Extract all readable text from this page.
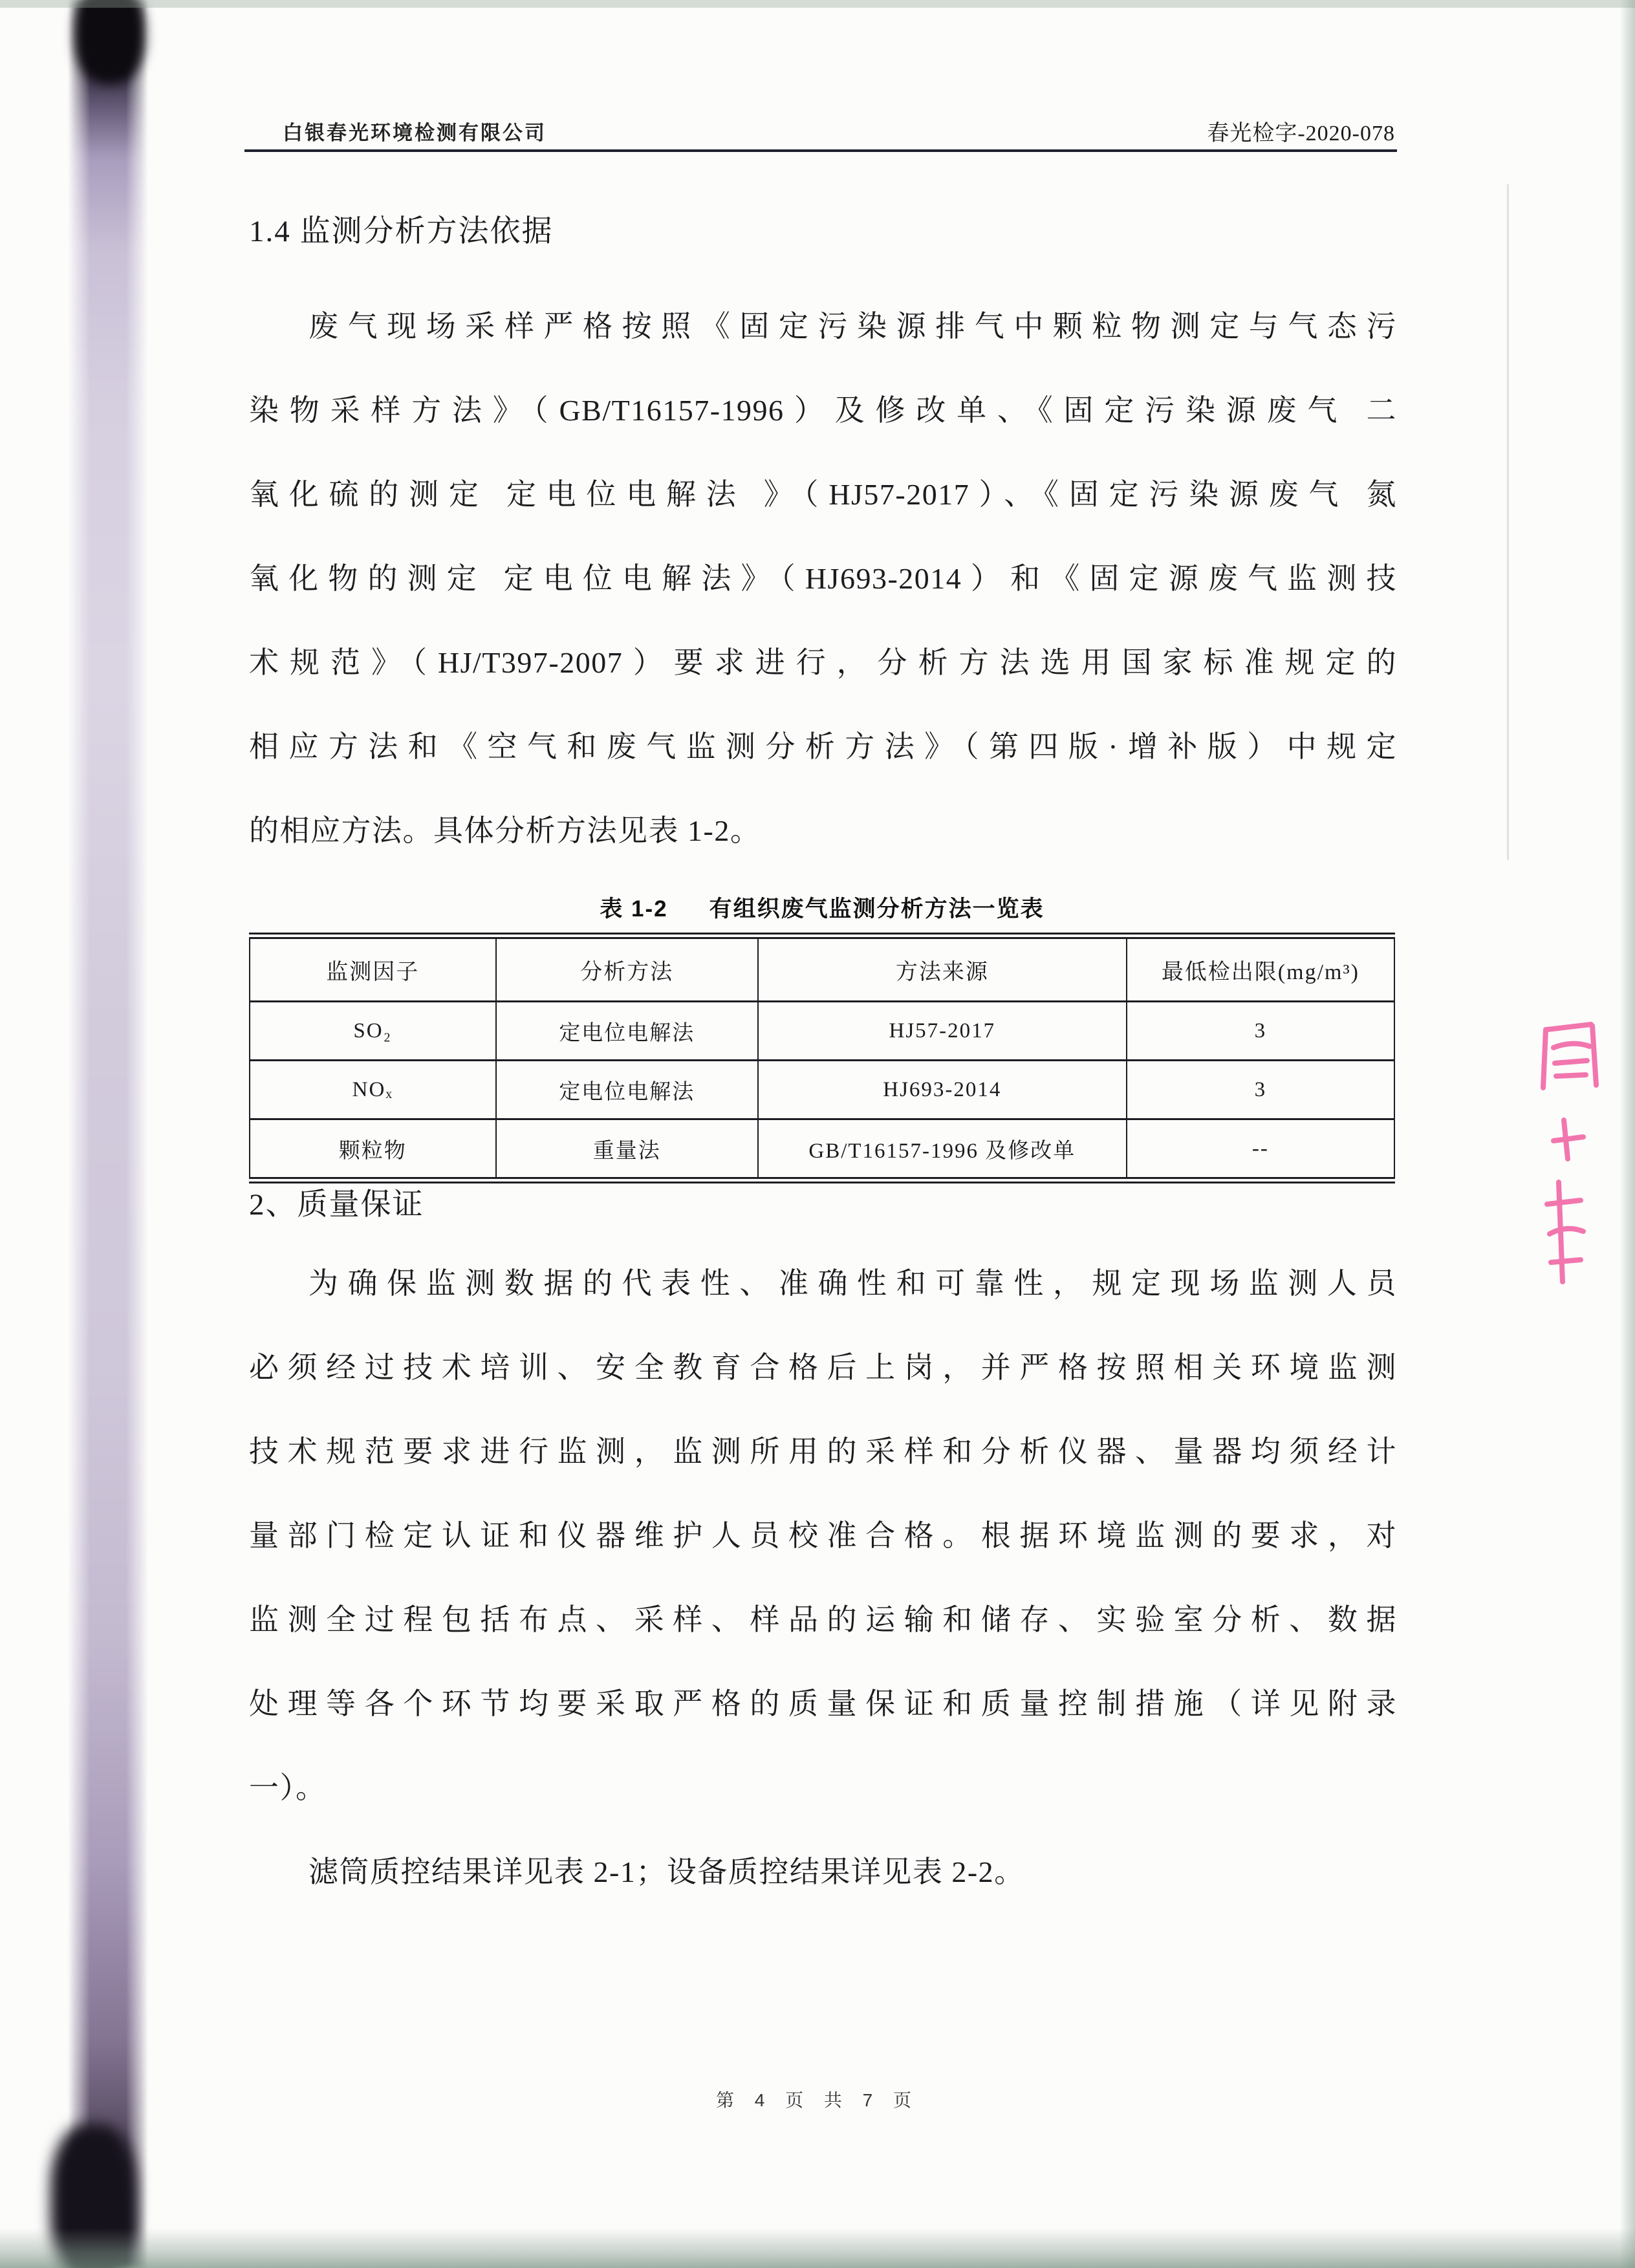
白银春光环境检测有限公司	春光检字-2020-078
1.4 监测分析方法依据
废气现场采样严格按照《固定污染源排气中颗粒物测定与气态污
染物采样方法》（GB/T16157-1996）及修改单、《固定污染源废气 二
氧化硫的测定 定电位电解法 》（HJ57-2017）、《固定污染源废气 氮
氧化物的测定 定电位电解法》（HJ693-2014）和《固定源废气监测技
术规范》（HJ/T397-2007）要求进行，分析方法选用国家标准规定的
相应方法和《空气和废气监测分析方法》（第四版·增补版）中规定
的相应方法。具体分析方法见表 1-2。
表 1-2 有组织废气监测分析方法一览表
监测因子	分析方法	方法来源	最低检出限(mg/m³)
SO₂	定电位电解法	HJ57-2017	3
NOₓ	定电位电解法	HJ693-2014	3
颗粒物	重量法	GB/T16157-1996 及修改单	--
2、质量保证
为确保监测数据的代表性、准确性和可靠性，规定现场监测人员
必须经过技术培训、安全教育合格后上岗，并严格按照相关环境监测
技术规范要求进行监测，监测所用的采样和分析仪器、量器均须经计
量部门检定认证和仪器维护人员校准合格。根据环境监测的要求，对
监测全过程包括布点、采样、样品的运输和储存、实验室分析、数据
处理等各个环节均要采取严格的质量保证和质量控制措施（详见附录
一）。
滤筒质控结果详见表 2-1；设备质控结果详见表 2-2。
第 4 页 共 7 页
